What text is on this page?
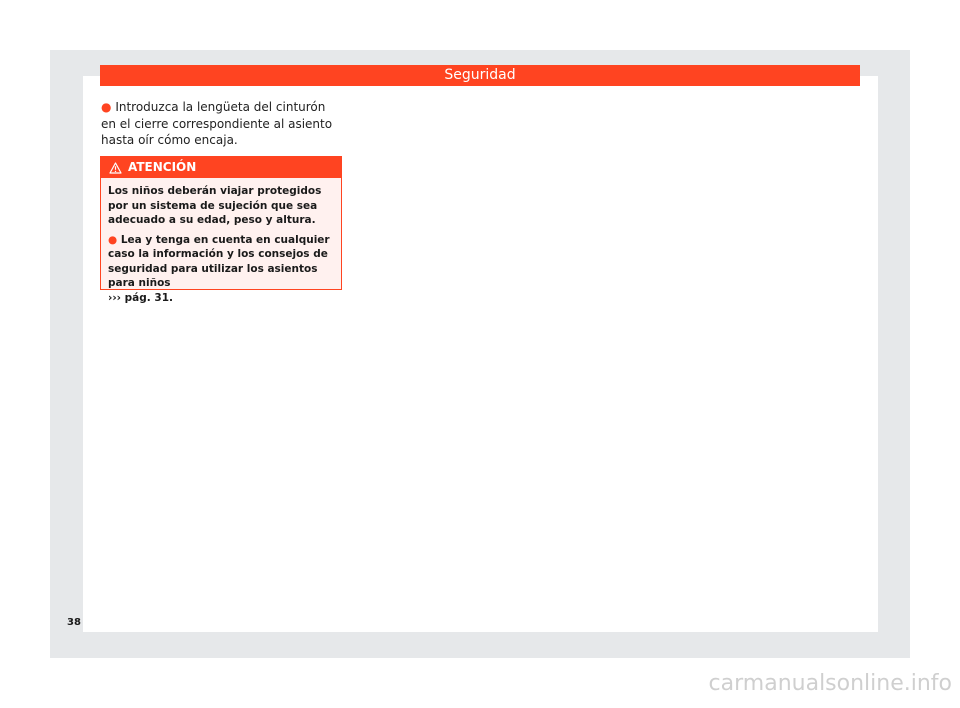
Seguridad

● Introduzca la lengüeta del cinturón en el cierre correspondiente al asiento hasta oír cómo encaja.

ATENCIÓN

Los niños deberán viajar protegidos por un sistema de sujeción que sea adecuado a su edad, peso y altura.

● Lea y tenga en cuenta en cualquier caso la información y los consejos de seguridad para utilizar los asientos para niños
››› pág. 31.

38
carmanualsonline.info
